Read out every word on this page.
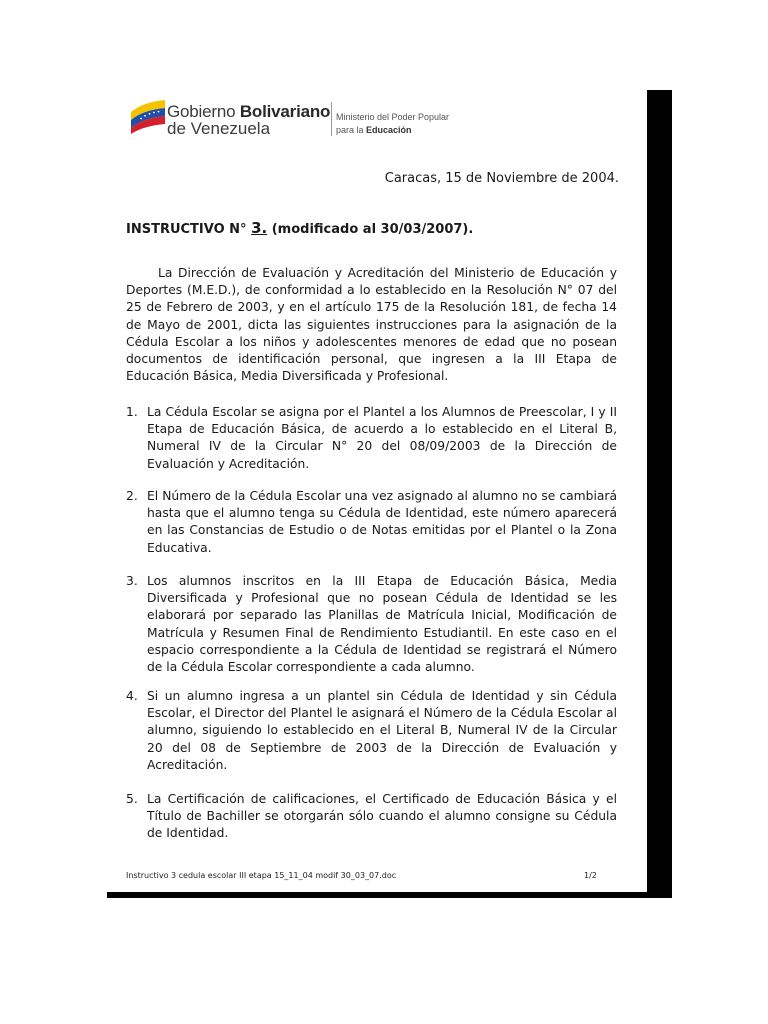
Gobierno Bolivariano
de Venezuela
Ministerio del Poder Popular
para la Educación
Caracas, 15 de Noviembre de 2004.
INSTRUCTIVO N° 3. (modificado al 30/03/2007).
La Dirección de Evaluación y Acreditación del Ministerio de Educación y Deportes (M.E.D.), de conformidad a lo establecido en la Resolución N° 07 del 25 de Febrero de 2003, y en el artículo 175 de la Resolución 181, de fecha 14 de Mayo de 2001, dicta las siguientes instrucciones para la asignación de la Cédula Escolar a los niños y adolescentes menores de edad que no posean documentos de identificación personal, que ingresen a la III Etapa de Educación Básica, Media Diversificada y Profesional.
1. La Cédula Escolar se asigna por el Plantel a los Alumnos de Preescolar, I y II Etapa de Educación Básica, de acuerdo a lo establecido en el Literal B, Numeral IV de la Circular N° 20 del 08/09/2003 de la Dirección de Evaluación y Acreditación.
2. El Número de la Cédula Escolar una vez asignado al alumno no se cambiará hasta que el alumno tenga su Cédula de Identidad, este número aparecerá en las Constancias de Estudio o de Notas emitidas por el Plantel o la Zona Educativa.
3. Los alumnos inscritos en la III Etapa de Educación Básica, Media Diversificada y Profesional que no posean Cédula de Identidad se les elaborará por separado las Planillas de Matrícula Inicial, Modificación de Matrícula y Resumen Final de Rendimiento Estudiantil. En este caso en el espacio correspondiente a la Cédula de Identidad se registrará el Número de la Cédula Escolar correspondiente a cada alumno.
4. Si un alumno ingresa a un plantel sin Cédula de Identidad y sin Cédula Escolar, el Director del Plantel le asignará el Número de la Cédula Escolar al alumno, siguiendo lo establecido en el Literal B, Numeral IV de la Circular 20 del 08 de Septiembre de 2003 de la Dirección de Evaluación y Acreditación.
5. La Certificación de calificaciones, el Certificado de Educación Básica y el Título de Bachiller se otorgarán sólo cuando el alumno consigne su Cédula de Identidad.
Instructivo 3 cedula escolar III etapa 15_11_04 modif 30_03_07.doc	1/2
